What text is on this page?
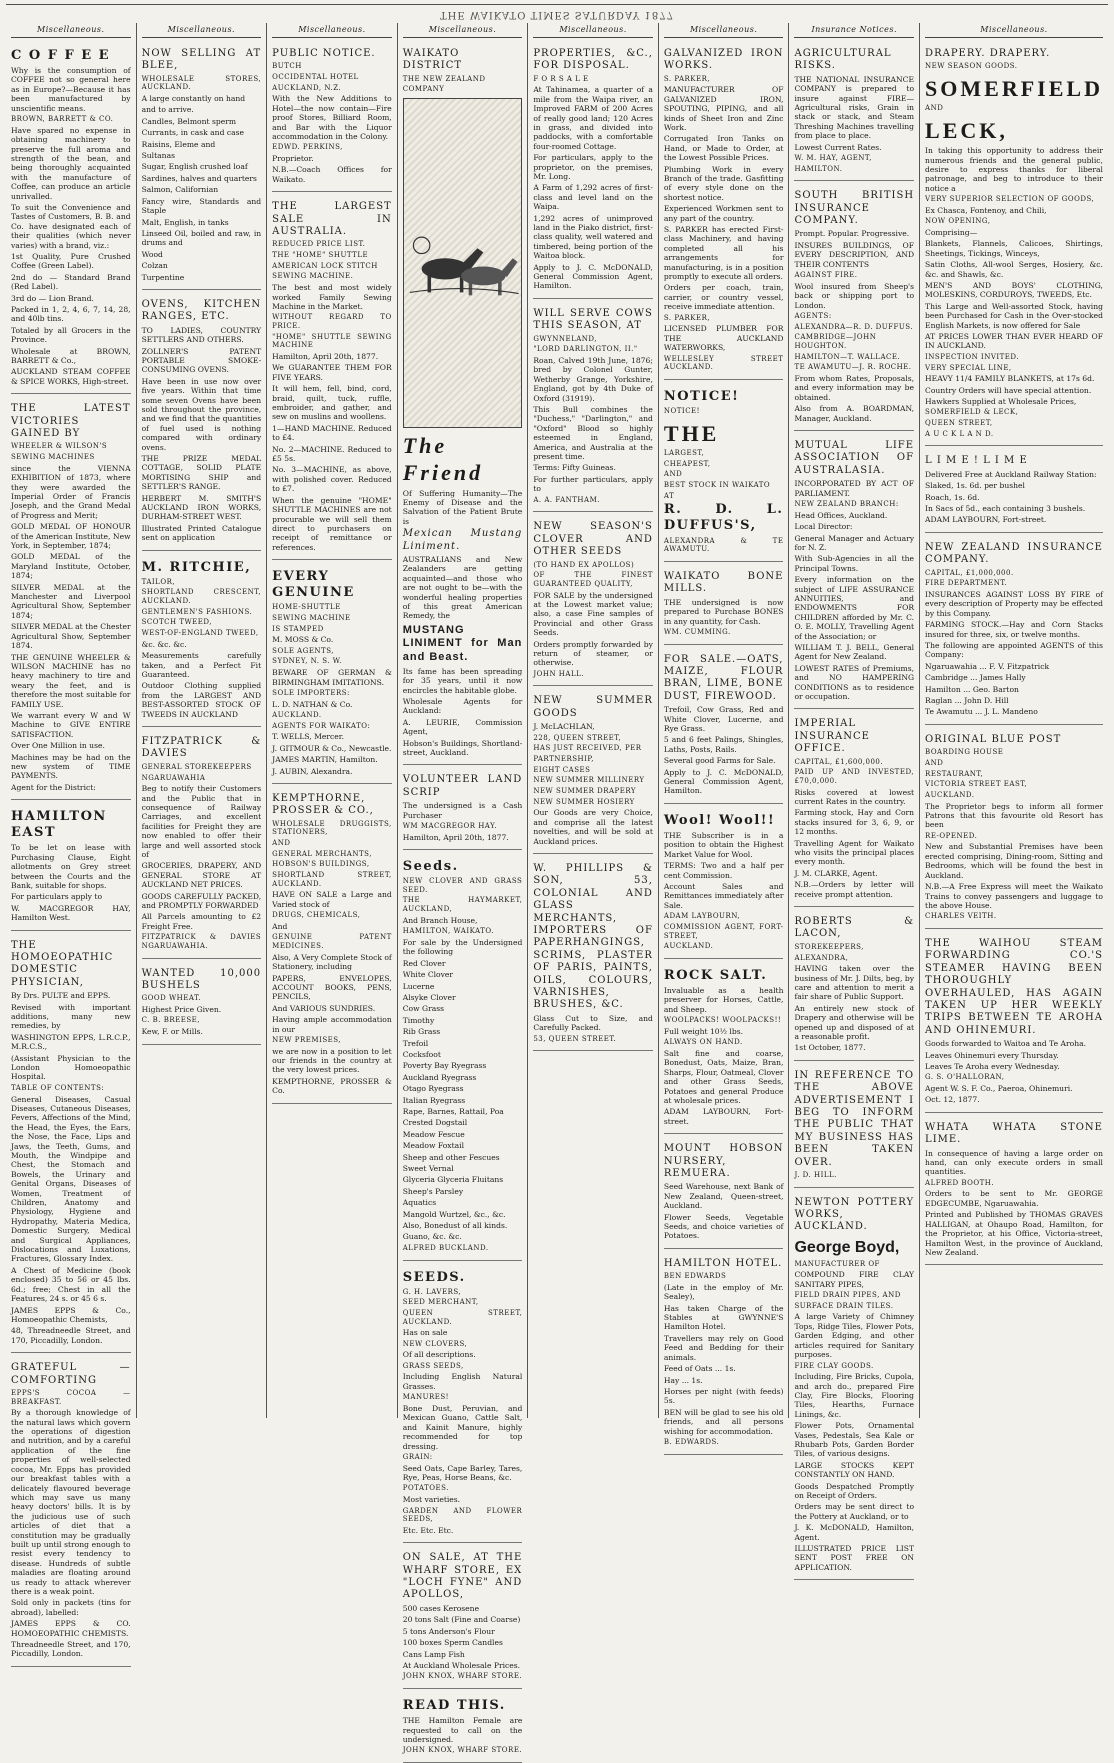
THE WAIKATO TIMES SATURDAY 1877
Miscellaneous.

C O F F E E

Why is the consumption of COFFEE not so general here as in Europe?—Because it has been manufactured by unscientific means.

BROWN, BARRETT & CO.

Have spared no expense in obtaining machinery to preserve the full aroma and strength of the bean, and being thoroughly acquainted with the manufacture of Coffee, can produce an article unrivalled.

To suit the Convenience and Tastes of Customers, B. B. and Co. have designated each of their qualities (which never varies) with a brand, viz.:

1st Quality, Pure Crushed Coffee (Green Label).

2nd do — Standard Brand (Red Label).

3rd do — Lion Brand.

Packed in 1, 2, 4, 6, 7, 14, 28, and 40lb tins.

Totaled by all Grocers in the Province.

Wholesale at BROWN, BARRETT & Co.,

AUCKLAND STEAM COFFEE & SPICE WORKS, High-street.

THE LATEST VICTORIES GAINED BY

WHEELER & WILSON'S

SEWING MACHINES

since the VIENNA EXHIBITION of 1873, where they were awarded the Imperial Order of Francis Joseph, and the Grand Medal of Progress and Merit;

GOLD MEDAL OF HONOUR of the American Institute, New York, in September, 1874;

GOLD MEDAL of the Maryland Institute, October, 1874;

SILVER MEDAL at the Manchester and Liverpool Agricultural Show, September 1874;

SILVER MEDAL at the Chester Agricultural Show, September 1874.

THE GENUINE WHEELER & WILSON MACHINE has no heavy machinery to tire and weary the feet, and is therefore the most suitable for FAMILY USE.

We warrant every W and W Machine to GIVE ENTIRE SATISFACTION.

Over One Million in use.

Machines may be had on the new system of TIME PAYMENTS.

Agent for the District:

HAMILTON EAST

To be let on lease with Purchasing Clause, Eight allotments on Grey street between the Courts and the Bank, suitable for shops.

For particulars apply to

W. MACGREGOR HAY, Hamilton West.

THE HOMOEOPATHIC DOMESTIC PHYSICIAN,

By Drs. PULTE and EPPS.

Revised with important additions, many new remedies, by

WASHINGTON EPPS, L.R.C.P., M.R.C.S.,

(Assistant Physician to the London Homoeopathic Hospital.

TABLE OF CONTENTS:

General Diseases, Casual Diseases, Cutaneous Diseases, Fevers, Affections of the Mind, the Head, the Eyes, the Ears, the Nose, the Face, Lips and Jaws, the Teeth, Gums, and Mouth, the Windpipe and Chest, the Stomach and Bowels, the Urinary and Genital Organs, Diseases of Women, Treatment of Children, Anatomy and Physiology, Hygiene and Hydropathy, Materia Medica, Domestic Surgery, Medical and Surgical Appliances, Dislocations and Luxations, Fractures, Glossary Index.

A Chest of Medicine (book enclosed) 35 to 56 or 45 lbs. 6d.; free; Chest in all the Features, 24 s. or 45 6 s.

JAMES EPPS & Co., Homoeopathic Chemists,

48, Threadneedle Street, and 170, Piccadilly, London.

GRATEFUL — COMFORTING

EPPS'S COCOA — BREAKFAST.

By a thorough knowledge of the natural laws which govern the operations of digestion and nutrition, and by a careful application of the fine properties of well-selected cocoa, Mr. Epps has provided our breakfast tables with a delicately flavoured beverage which may save us many heavy doctors' bills. It is by the judicious use of such articles of diet that a constitution may be gradually built up until strong enough to resist every tendency to disease. Hundreds of subtle maladies are floating around us ready to attack wherever there is a weak point.

Sold only in packets (tins for abroad), labelled:

JAMES EPPS & CO. HOMOEOPATHIC CHEMISTS.

Threadneedle Street, and 170, Piccadilly, London.

Miscellaneous.

NOW SELLING AT BLEE,

WHOLESALE STORES, AUCKLAND.

A large constantly on hand

and to arrive.

Candles, Belmont sperm

Currants, in cask and case

Raisins, Eleme and

Sultanas

Sugar, English crushed loaf

Sardines, halves and quarters

Salmon, Californian

Fancy wire, Standards and Staple

Malt, English, in tanks

Linseed Oil, boiled and raw, in drums and

Wood

Colzan

Turpentine

OVENS, KITCHEN RANGES, ETC.

TO LADIES, COUNTRY SETTLERS AND OTHERS.

ZOLLNER'S PATENT PORTABLE SMOKE-CONSUMING OVENS.

Have been in use now over five years. Within that time some seven Ovens have been sold throughout the province, and we find that the quantities of fuel used is nothing compared with ordinary ovens.

THE PRIZE MEDAL COTTAGE, SOLID PLATE MORTISING SHIP and SETTLER'S RANGE.

HERBERT M. SMITH'S AUCKLAND IRON WORKS, DURHAM-STREET WEST.

Illustrated Printed Catalogue sent on application

M. RITCHIE,

TAILOR,

SHORTLAND CRESCENT, AUCKLAND.

GENTLEMEN'S FASHIONS.

SCOTCH TWEED,

WEST-OF-ENGLAND TWEED,

&c. &c. &c.

Measurements carefully taken, and a Perfect Fit Guaranteed.

Outdoor Clothing supplied from the LARGEST AND BEST-ASSORTED STOCK OF TWEEDS IN AUCKLAND

FITZPATRICK & DAVIES

GENERAL STOREKEEPERS

NGARUAWAHIA

Beg to notify their Customers and the Public that in consequence of Railway Carriages, and excellent facilities for Freight they are now enabled to offer their large and well assorted stock of

GROCERIES, DRAPERY, AND GENERAL STORE AT AUCKLAND NET PRICES.

GOODS CAREFULLY PACKED, and PROMPTLY FORWARDED

All Parcels amounting to £2 Freight Free.

FITZPATRICK & DAVIES NGARUAWAHIA.

WANTED 10,000 BUSHELS

GOOD WHEAT.

Highest Price Given.

C. B. BREESE,

Kew, F. or Mills.

Miscellaneous.

PUBLIC NOTICE.

BUTCH

OCCIDENTAL HOTEL

AUCKLAND, N.Z.

With the New Additions to Hotel—the now contain—Fire proof Stores, Billiard Room, and Bar with the Liquor accommodation in the Colony.

EDWD. PERKINS,

Proprietor.

N.B.—Coach Offices for Waikato.

THE LARGEST SALE IN AUSTRALIA.

REDUCED PRICE LIST.

THE "HOME" SHUTTLE

AMERICAN LOCK STITCH

SEWING MACHINE.

The best and most widely worked Family Sewing Machine in the Market.

WITHOUT REGARD TO PRICE.

"HOME" SHUTTLE SEWING MACHINE

Hamilton, April 20th, 1877.

We GUARANTEE THEM FOR FIVE YEARS.

It will hem, fell, bind, cord, braid, quilt, tuck, ruffle, embroider, and gather, and sew on muslins and woollens.

1—HAND MACHINE. Reduced to £4.

No. 2—MACHINE. Reduced to £5 5s.

No. 3—MACHINE, as above, with polished cover. Reduced to £7.

When the genuine "HOME" SHUTTLE MACHINES are not procurable we will sell them direct to purchasers on receipt of remittance or references.

EVERY GENUINE

HOME-SHUTTLE

SEWING MACHINE

IS STAMPED

M. MOSS & Co.

SOLE AGENTS,

SYDNEY, N. S. W.

BEWARE OF GERMAN & BIRMINGHAM IMITATIONS.

SOLE IMPORTERS:

L. D. NATHAN & Co.

AUCKLAND.

AGENTS FOR WAIKATO:

T. WELLS, Mercer.

J. GITMOUR & Co., Newcastle.

JAMES MARTIN, Hamilton.

J. AUBIN, Alexandra.

KEMPTHORNE, PROSSER & CO.,

WHOLESALE DRUGGISTS, STATIONERS,

AND

GENERAL MERCHANTS,

HOBSON'S BUILDINGS,

SHORTLAND STREET, AUCKLAND.

HAVE ON SALE a Large and Varied stock of

DRUGS, CHEMICALS,

And

GENUINE PATENT MEDICINES.

Also, A Very Complete Stock of Stationery, including

PAPERS, ENVELOPES, ACCOUNT BOOKS, PENS, PENCILS,

And VARIOUS SUNDRIES.

Having ample accommodation in our

NEW PREMISES,

we are now in a position to let our friends in the country at the very lowest prices.

KEMPTHORNE, PROSSER & Co.

Miscellaneous.

WAIKATO DISTRICT

THE NEW ZEALAND

COMPANY

The Friend

Of Suffering Humanity—The Enemy of Disease and the Salvation of the Patient Brute is

Mexican Mustang Liniment.

AUSTRALIANS and New Zealanders are getting acquainted—and those who are not ought to be—with the wonderful healing properties of this great American Remedy, the

MUSTANG LINIMENT for Man and Beast.

Its fame has been spreading for 35 years, until it now encircles the habitable globe.

Wholesale Agents for Auckland:

A. LEURIE, Commission Agent,

Hobson's Buildings, Shortland-street, Auckland.

VOLUNTEER LAND SCRIP

The undersigned is a Cash Purchaser

WM MACGREGOR HAY.

Hamilton, April 20th, 1877.

Seeds.

NEW CLOVER AND GRASS SEED.

THE HAYMARKET, AUCKLAND,

And Branch House,

HAMILTON, WAIKATO.

For sale by the Undersigned the following

Red Clover

White Clover

Lucerne

Alsyke Clover

Cow Grass

Timothy

Rib Grass

Trefoil

Cocksfoot

Poverty Bay Ryegrass

Auckland Ryegrass

Otago Ryegrass

Italian Ryegrass

Rape, Barnes, Rattail, Poa

Crested Dogstail

Meadow Fescue

Meadow Foxtail

Sheep and other Fescues

Sweet Vernal

Glyceria Glyceria Fluitans

Sheep's Parsley

Aquatics

Mangold Wurtzel, &c., &c.

Also, Bonedust of all kinds.

Guano, &c. &c.

ALFRED BUCKLAND.

SEEDS.

G. H. LAVERS,

SEED MERCHANT,

QUEEN STREET, AUCKLAND.

Has on sale

NEW CLOVERS,

Of all descriptions.

GRASS SEEDS,

Including English Natural Grasses.

MANURES!

Bone Dust, Peruvian, and Mexican Guano, Cattle Salt, and Kainit Manure, highly recommended for top dressing.

GRAIN:

Seed Oats, Cape Barley, Tares, Rye, Peas, Horse Beans, &c.

POTATOES.

Most varieties.

GARDEN AND FLOWER SEEDS,

Etc. Etc. Etc.

ON SALE, AT THE WHARF STORE, EX "LOCH FYNE" AND APOLLOS,

500 cases Kerosene

20 tons Salt (Fine and Coarse)

5 tons Anderson's Flour

100 boxes Sperm Candles

Cans Lamp Fish

At Auckland Wholesale Prices.

JOHN KNOX, WHARF STORE.

READ THIS.

THE Hamilton Female are requested to call on the undersigned.

JOHN KNOX, WHARF STORE.

Miscellaneous.

PROPERTIES, &C., FOR DISPOSAL.

F O R S A L E

At Tahinamea, a quarter of a mile from the Waipa river, an Improved FARM of 200 Acres of really good land; 120 Acres in grass, and divided into paddocks, with a comfortable four-roomed Cottage.

For particulars, apply to the proprietor, on the premises, Mr. Long.

A Farm of 1,292 acres of first-class and level land on the Waipa.

1,292 acres of unimproved land in the Piako district, first-class quality, well watered and timbered, being portion of the Waitoa block.

Apply to J. C. McDONALD, General Commission Agent, Hamilton.

WILL SERVE COWS THIS SEASON, AT

GWYNNELAND,

"LORD DARLINGTON, II."

Roan, Calved 19th June, 1876; bred by Colonel Gunter, Wetherby Grange, Yorkshire, England, got by 4th Duke of Oxford (31919).

This Bull combines the "Duchess," "Darlington," and "Oxford" Blood so highly esteemed in England, America, and Australia at the present time.

Terms: Fifty Guineas.

For further particulars, apply to

A. A. FANTHAM.

NEW SEASON'S CLOVER AND OTHER SEEDS

(TO HAND EX APOLLOS)

OF THE FINEST GUARANTEED QUALITY,

FOR SALE by the undersigned at the Lowest market value; also, a case Fine samples of Provincial and other Grass Seeds.

Orders promptly forwarded by return of steamer, or otherwise.

JOHN HALL.

NEW SUMMER GOODS

J. McLACHLAN,

228, QUEEN STREET,

HAS JUST RECEIVED, PER

PARTNERSHIP,

EIGHT CASES

NEW SUMMER MILLINERY

NEW SUMMER DRAPERY

NEW SUMMER HOSIERY

Our Goods are very Choice, and comprise all the latest novelties, and will be sold at Auckland prices.

W. PHILLIPS & SON, 53, COLONIAL AND GLASS MERCHANTS, IMPORTERS OF PAPERHANGINGS, SCRIMS, PLASTER OF PARIS, PAINTS, OILS, COLOURS, VARNISHES, BRUSHES, &C.

Glass Cut to Size, and Carefully Packed.

53, QUEEN STREET.

Miscellaneous.

GALVANIZED IRON WORKS.

S. PARKER,

MANUFACTURER OF GALVANIZED IRON, SPOUTING, PIPING, and all kinds of Sheet Iron and Zinc Work.

Corrugated Iron Tanks on Hand, or Made to Order, at the Lowest Possible Prices.

Plumbing Work in every Branch of the trade. Gasfitting of every style done on the shortest notice.

Experienced Workmen sent to any part of the country.

S. PARKER has erected First-class Machinery, and having completed all his arrangements for manufacturing, is in a position promptly to execute all orders.

Orders per coach, train, carrier, or country vessel, receive immediate attention.

S. PARKER,

LICENSED PLUMBER FOR THE AUCKLAND WATERWORKS,

WELLESLEY STREET AUCKLAND.

NOTICE!

NOTICE!

THE

LARGEST,

CHEAPEST,

AND

BEST STOCK IN WAIKATO

AT

R. D. L. DUFFUS'S,

ALEXANDRA & TE AWAMUTU.

WAIKATO BONE MILLS.

THE undersigned is now prepared to Purchase BONES in any quantity, for Cash.

WM. CUMMING.

FOR SALE.—OATS, MAIZE, FLOUR BRAN, LIME, BONE DUST, FIREWOOD.

Trefoil, Cow Grass, Red and White Clover, Lucerne, and Rye Grass.

5 and 6 feet Palings, Shingles, Laths, Posts, Rails.

Several good Farms for Sale.

Apply to J. C. McDONALD, General Commission Agent, Hamilton.

Wool! Wool!!

THE Subscriber is in a position to obtain the Highest Market Value for Wool.

TERMS: Two and a half per cent Commission.

Account Sales and Remittances immediately after Sale.

ADAM LAYBOURN,

COMMISSION AGENT, FORT-STREET,

AUCKLAND.

ROCK SALT.

Invaluable as a health preserver for Horses, Cattle, and Sheep.

WOOLPACKS! WOOLPACKS!!

Full weight 10½ lbs.

ALWAYS ON HAND.

Salt fine and coarse, Bonedust, Oats, Maize, Bran, Sharps, Flour, Oatmeal, Clover and other Grass Seeds, Potatoes and general Produce at wholesale prices.

ADAM LAYBOURN, Fort-street.

MOUNT HOBSON NURSERY, REMUERA.

Seed Warehouse, next Bank of New Zealand, Queen-street, Auckland.

Flower Seeds, Vegetable Seeds, and choice varieties of Potatoes.

HAMILTON HOTEL.

BEN EDWARDS

(Late in the employ of Mr. Sealey),

Has taken Charge of the Stables at GWYNNE'S Hamilton Hotel.

Travellers may rely on Good Feed and Bedding for their animals.

Feed of Oats ... 1s.

Hay ... 1s.

Horses per night (with feeds) 5s.

BEN will be glad to see his old friends, and all persons wishing for accommodation.

B. EDWARDS.

Insurance Notices.

AGRICULTURAL RISKS.

THE NATIONAL INSURANCE COMPANY is prepared to insure against FIRE—Agricultural risks, Grain in stack or stack, and Steam Threshing Machines travelling from place to place.

Lowest Current Rates.

W. M. HAY, AGENT,

HAMILTON.

SOUTH BRITISH INSURANCE COMPANY.

Prompt. Popular. Progressive.

INSURES BUILDINGS, OF EVERY DESCRIPTION, AND THEIR CONTENTS

AGAINST FIRE.

Wool insured from Sheep's back or shipping port to London.

AGENTS:

ALEXANDRA—R. D. DUFFUS.

CAMBRIDGE—JOHN HOUGHTON.

HAMILTON—T. WALLACE.

TE AWAMUTU—J. R. ROCHE.

From whom Rates, Proposals, and every information may be obtained.

Also from A. BOARDMAN, Manager, Auckland.

MUTUAL LIFE ASSOCIATION OF AUSTRALASIA.

INCORPORATED BY ACT OF PARLIAMENT.

NEW ZEALAND BRANCH:

Head Offices, Auckland.

Local Director:

General Manager and Actuary for N. Z.

With Sub-Agencies in all the Principal Towns.

Every information on the subject of LIFE ASSURANCE ANNUITIES, and ENDOWMENTS FOR CHILDREN afforded by Mr. C. O. E. MOLLY, Travelling Agent of the Association; or

WILLIAM T. J. BELL, General Agent for New Zealand.

LOWEST RATES of Premiums, and NO HAMPERING CONDITIONS as to residence or occupation.

IMPERIAL INSURANCE OFFICE.

CAPITAL, £1,600,000.

PAID UP AND INVESTED, £70,0,000.

Risks covered at lowest current Rates in the country.

Farming stock, Hay and Corn stacks insured for 3, 6, 9, or 12 months.

Travelling Agent for Waikato who visits the principal places every month.

J. M. CLARKE, Agent.

N.B.—Orders by letter will receive prompt attention.

ROBERTS & LACON,

STOREKEEPERS,

ALEXANDRA,

HAVING taken over the business of Mr. J. Dilts, beg, by care and attention to merit a fair share of Public Support.

An entirely new stock of Drapery and otherwise will be opened up and disposed of at a reasonable profit.

1st October, 1877.

IN REFERENCE TO THE ABOVE ADVERTISEMENT I BEG TO INFORM THE PUBLIC THAT MY BUSINESS HAS BEEN TAKEN OVER.

J. D. HILL.

NEWTON POTTERY WORKS, AUCKLAND.

George Boyd,

MANUFACTURER OF

COMPOUND FIRE CLAY SANITARY PIPES,

FIELD DRAIN PIPES, AND

SURFACE DRAIN TILES.

A large Variety of Chimney Tops, Ridge Tiles, Flower Pots, Garden Edging, and other articles required for Sanitary purposes.

FIRE CLAY GOODS.

Including, Fire Bricks, Cupola, and arch do., prepared Fire Clay, Fire Blocks, Flooring Tiles, Hearths, Furnace Linings, &c.

Flower Pots, Ornamental Vases, Pedestals, Sea Kale or Rhubarb Pots, Garden Border Tiles, of various designs.

LARGE STOCKS KEPT CONSTANTLY ON HAND.

Goods Despatched Promptly on Receipt of Orders.

Orders may be sent direct to the Pottery at Auckland, or to

J. K. McDONALD, Hamilton, Agent.

ILLUSTRATED PRICE LIST SENT POST FREE ON APPLICATION.

Miscellaneous.

DRAPERY. DRAPERY.

NEW SEASON GOODS.

SOMERFIELD

AND

LECK,

In taking this opportunity to address their numerous friends and the general public, desire to express thanks for liberal patronage, and beg to introduce to their notice a

VERY SUPERIOR SELECTION OF GOODS,

Ex Chasca, Fontenoy, and Chili,

NOW OPENING,

Comprising—

Blankets, Flannels, Calicoes, Shirtings, Sheetings, Tickings, Winceys,

Satin Cloths, All-wool Serges, Hosiery, &c. &c. and Shawls, &c.

MEN'S AND BOYS' CLOTHING, MOLESKINS, CORDUROYS, TWEEDS, Etc.

This Large and Well-assorted Stock, having been Purchased for Cash in the Over-stocked English Markets, is now offered for Sale

AT PRICES LOWER THAN EVER HEARD OF IN AUCKLAND.

INSPECTION INVITED.

VERY SPECIAL LINE,

HEAVY 11/4 FAMILY BLANKETS, at 17s 6d.

Country Orders will have special attention.

Hawkers Supplied at Wholesale Prices,

SOMERFIELD & LECK,

QUEEN STREET,

A U C K L A N D.

L I M E ! L I M E

Delivered Free at Auckland Railway Station:

Slaked, 1s. 6d. per bushel

Roach, 1s. 6d.

In Sacs of 5d., each containing 3 bushels.

ADAM LAYBOURN, Fort-street.

NEW ZEALAND INSURANCE COMPANY.

CAPITAL, £1,000,000.

FIRE DEPARTMENT.

INSURANCES AGAINST LOSS BY FIRE of every description of Property may be effected by this Company.

FARMING STOCK.—Hay and Corn Stacks insured for three, six, or twelve months.

The following are appointed AGENTS of this Company:

Ngaruawahia ... F. V. Fitzpatrick

Cambridge ... James Hally

Hamilton ... Geo. Barton

Raglan ... John D. Hill

Te Awamutu ... J. L. Mandeno

ORIGINAL BLUE POST

BOARDING HOUSE

AND

RESTAURANT,

VICTORIA STREET EAST,

AUCKLAND.

The Proprietor begs to inform all former Patrons that this favourite old Resort has been

RE-OPENED.

New and Substantial Premises have been erected comprising, Dining-room, Sitting and Bedrooms, which will be found the best in Auckland.

N.B.—A Free Express will meet the Waikato Trains to convey passengers and luggage to the above House.

CHARLES VEITH.

THE WAIHOU STEAM FORWARDING CO.'S STEAMER HAVING BEEN THOROUGHLY OVERHAULED, HAS AGAIN TAKEN UP HER WEEKLY TRIPS BETWEEN TE AROHA AND OHINEMURI.

Goods forwarded to Waitoa and Te Aroha.

Leaves Ohinemuri every Thursday.

Leaves Te Aroha every Wednesday.

G. S. O'HALLORAN,

Agent W. S. F. Co., Paeroa, Ohinemuri.

Oct. 12, 1877.

WHATA WHATA STONE LIME.

In consequence of having a large order on hand, can only execute orders in small quantities.

ALFRED BOOTH.

Orders to be sent to Mr. GEORGE EDGECUMBE, Ngaruawahia.

Printed and Published by THOMAS GRAVES HALLIGAN, at Ohaupo Road, Hamilton, for the Proprietor, at his Office, Victoria-street, Hamilton West, in the province of Auckland, New Zealand.
